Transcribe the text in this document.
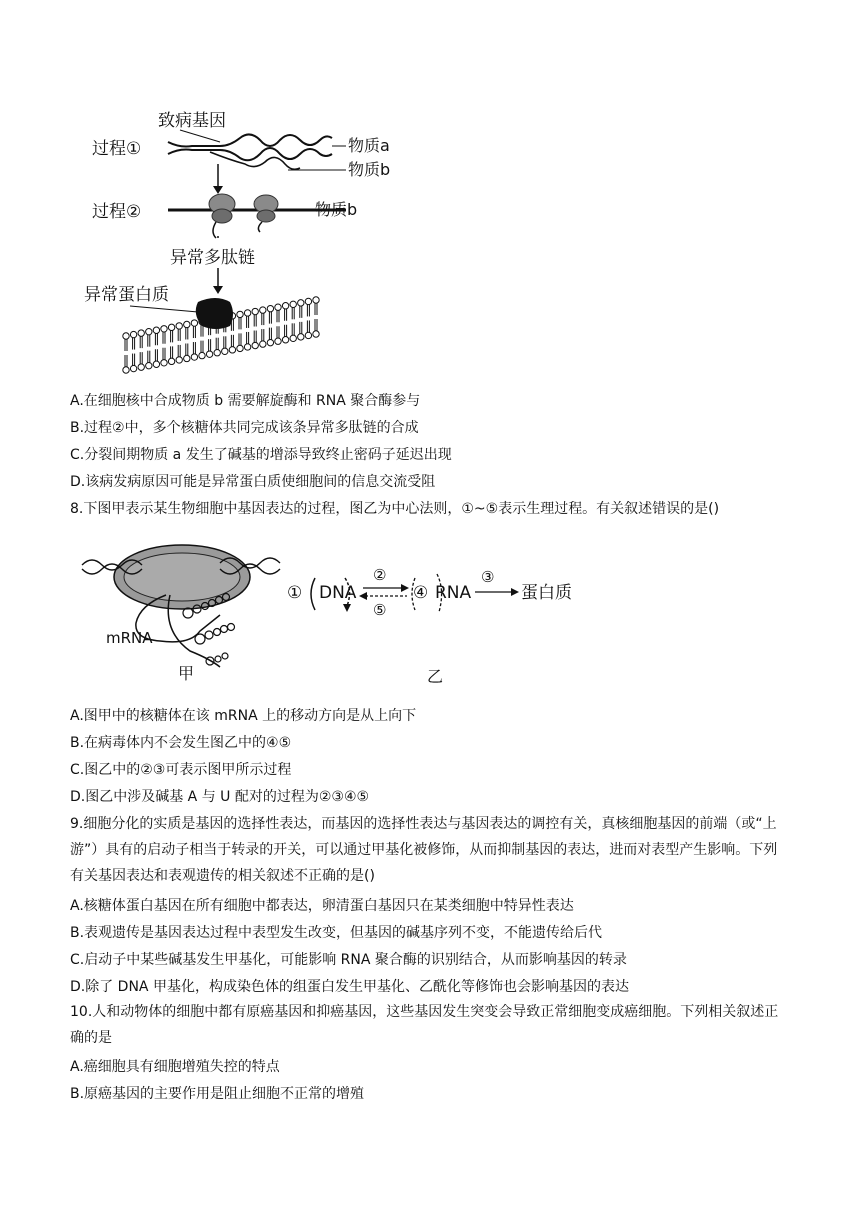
致病基因
过程①	物质a
物质b
过程②	物质b
异常多肽链
异常蛋白质
A.在细胞核中合成物质 b 需要解旋酶和 RNA 聚合酶参与
B.过程②中，多个核糖体共同完成该条异常多肽链的合成
C.分裂间期物质 a 发生了碱基的增添导致终止密码子延迟出现
D.该病发病原因可能是异常蛋白质使细胞间的信息交流受阻
8.下图甲表示某生物细胞中基因表达的过程，图乙为中心法则，①~⑤表示生理过程。有关叙述错误的是()
mRNA
甲
① DNA
②
⑤
④ RNA
③
蛋白质
乙
A.图甲中的核糖体在该 mRNA 上的移动方向是从上向下
B.在病毒体内不会发生图乙中的④⑤
C.图乙中的②③可表示图甲所示过程
D.图乙中涉及碱基 A 与 U 配对的过程为②③④⑤
9.细胞分化的实质是基因的选择性表达，而基因的选择性表达与基因表达的调控有关，真核细胞基因的前端（或“上游”）具有的启动子相当于转录的开关，可以通过甲基化被修饰，从而抑制基因的表达，进而对表型产生影响。下列有关基因表达和表观遗传的相关叙述不正确的是()
A.核糖体蛋白基因在所有细胞中都表达，卵清蛋白基因只在某类细胞中特异性表达
B.表观遗传是基因表达过程中表型发生改变，但基因的碱基序列不变，不能遗传给后代
C.启动子中某些碱基发生甲基化，可能影响 RNA 聚合酶的识别结合，从而影响基因的转录
D.除了 DNA 甲基化，构成染色体的组蛋白发生甲基化、乙酰化等修饰也会影响基因的表达
10.人和动物体的细胞中都有原癌基因和抑癌基因，这些基因发生突变会导致正常细胞变成癌细胞。下列相关叙述正确的是
A.癌细胞具有细胞增殖失控的特点
B.原癌基因的主要作用是阻止细胞不正常的增殖
